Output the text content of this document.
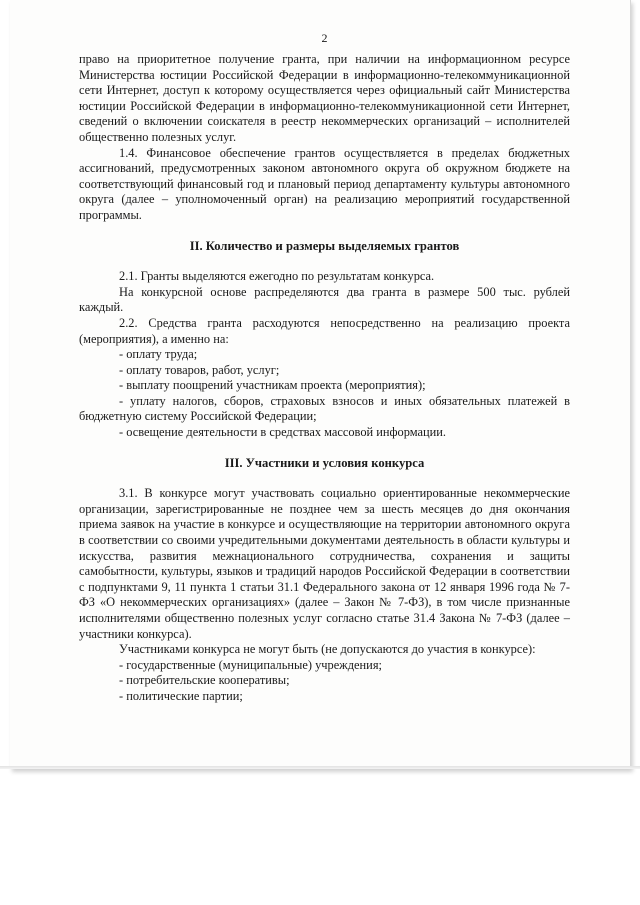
2

право на приоритетное получение гранта, при наличии на информационном ресурсе Министерства юстиции Российской Федерации в информационно-телекоммуникационной сети Интернет, доступ к которому осуществляется через официальный сайт Министерства юстиции Российской Федерации в информационно-телекоммуникационной сети Интернет, сведений о включении соискателя в реестр некоммерческих организаций – исполнителей общественно полезных услуг.

1.4. Финансовое обеспечение грантов осуществляется в пределах бюджетных ассигнований, предусмотренных законом автономного округа об окружном бюджете на соответствующий финансовый год и плановый период департаменту культуры автономного округа (далее – уполномоченный орган) на реализацию мероприятий государственной программы.

II. Количество и размеры выделяемых грантов

2.1. Гранты выделяются ежегодно по результатам конкурса.

На конкурсной основе распределяются два гранта в размере 500 тыс. рублей каждый.

2.2. Средства гранта расходуются непосредственно на реализацию проекта (мероприятия), а именно на:

- оплату труда;

- оплату товаров, работ, услуг;

- выплату поощрений участникам проекта (мероприятия);

- уплату налогов, сборов, страховых взносов и иных обязательных платежей в бюджетную систему Российской Федерации;

- освещение деятельности в средствах массовой информации.

III. Участники и условия конкурса

3.1. В конкурсе могут участвовать социально ориентированные некоммерческие организации, зарегистрированные не позднее чем за шесть месяцев до дня окончания приема заявок на участие в конкурсе и осуществляющие на территории автономного округа в соответствии со своими учредительными документами деятельность в области культуры и искусства, развития межнационального сотрудничества, сохранения и защиты самобытности, культуры, языков и традиций народов Российской Федерации в соответствии с подпунктами 9, 11 пункта 1 статьи 31.1 Федерального закона от 12 января 1996 года № 7-ФЗ «О некоммерческих организациях» (далее – Закон № 7-ФЗ), в том числе признанные исполнителями общественно полезных услуг согласно статье 31.4 Закона № 7-ФЗ (далее – участники конкурса).

Участниками конкурса не могут быть (не допускаются до участия в конкурсе):

- государственные (муниципальные) учреждения;

- потребительские кооперативы;

- политические партии;
